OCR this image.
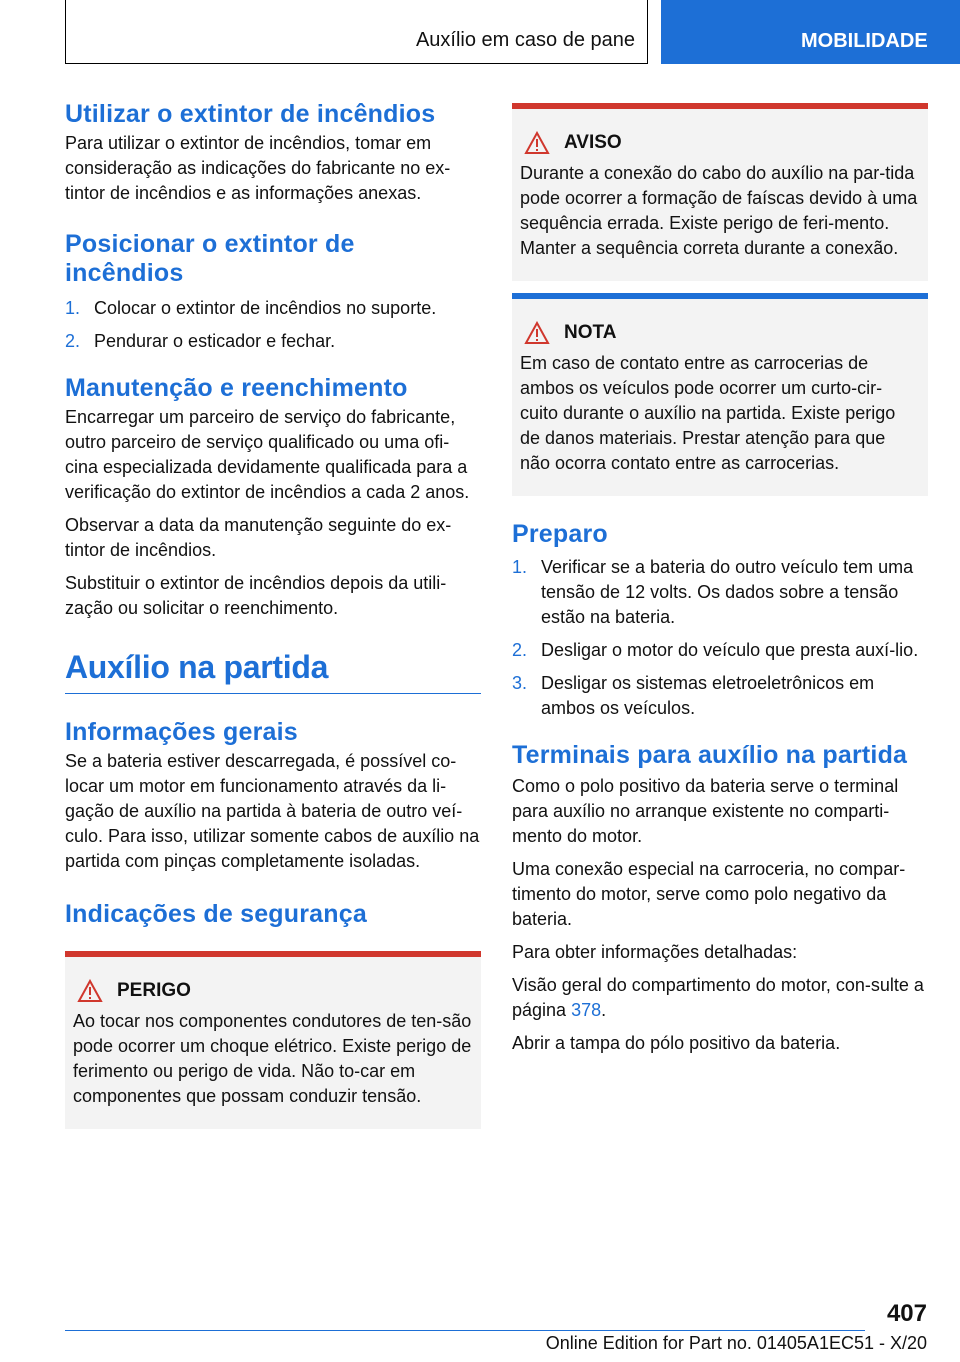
Auxílio em caso de pane	MOBILIDADE
Utilizar o extintor de incêndios

Para utilizar o extintor de incêndios, tomar em consideração as indicações do fabricante no ex-tintor de incêndios e as informações anexas.

Posicionar o extintor de incêndios
1. Colocar o extintor de incêndios no suporte.
2. Pendurar o esticador e fechar.
Manutenção e reenchimento

Encarregar um parceiro de serviço do fabricante, outro parceiro de serviço qualificado ou uma ofi-cina especializada devidamente qualificada para a verificação do extintor de incêndios a cada 2 anos.

Observar a data da manutenção seguinte do ex-tintor de incêndios.

Substituir o extintor de incêndios depois da utili-zação ou solicitar o reenchimento.

Auxílio na partida
Informações gerais

Se a bateria estiver descarregada, é possível co-locar um motor em funcionamento através da li-gação de auxílio na partida à bateria de outro veí-culo. Para isso, utilizar somente cabos de auxílio na partida com pinças completamente isoladas.

Indicações de segurança
PERIGO

Ao tocar nos componentes condutores de ten-são pode ocorrer um choque elétrico. Existe perigo de ferimento ou perigo de vida. Não to-car em componentes que possam conduzir tensão.

AVISO

Durante a conexão do cabo do auxílio na par-tida pode ocorrer a formação de faíscas devido à uma sequência errada. Existe perigo de feri-mento. Manter a sequência correta durante a conexão.

NOTA

Em caso de contato entre as carrocerias de ambos os veículos pode ocorrer um curto-cir-cuito durante o auxílio na partida. Existe perigo de danos materiais. Prestar atenção para que não ocorra contato entre as carrocerias.

Preparo
1. Verificar se a bateria do outro veículo tem uma tensão de 12 volts. Os dados sobre a tensão estão na bateria.
2. Desligar o motor do veículo que presta auxí-lio.
3. Desligar os sistemas eletroeletrônicos em ambos os veículos.
Terminais para auxílio na partida

Como o polo positivo da bateria serve o terminal para auxílio no arranque existente no comparti-mento do motor.

Uma conexão especial na carroceria, no compar-timento do motor, serve como polo negativo da bateria.

Para obter informações detalhadas:

Visão geral do compartimento do motor, con-sulte a página 378.

Abrir a tampa do pólo positivo da bateria.

407
Online Edition for Part no. 01405A1EC51 - X/20
